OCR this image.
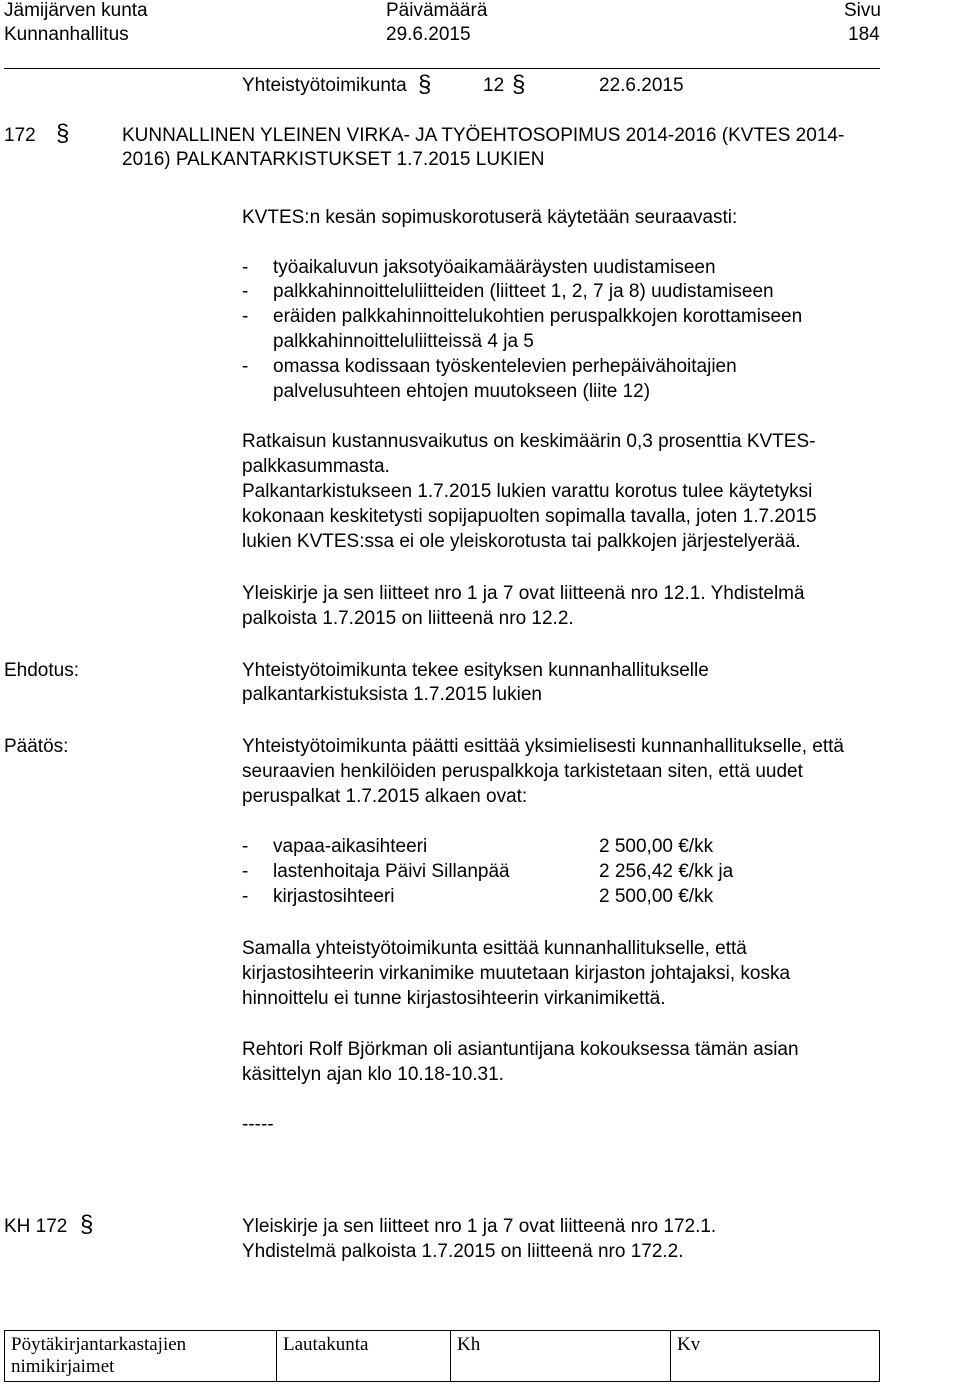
Jämijärven kunta
Kunnanhallitus
Päivämäärä
29.6.2015
Sivu
184
Yhteistyötoimikunta §	12 §	22.6.2015
172 §	KUNNALLINEN YLEINEN VIRKA- JA TYÖEHTOSOPIMUS 2014-2016 (KVTES 2014-
2016) PALKANTARKISTUKSET 1.7.2015 LUKIEN
KVTES:n kesän sopimuskorotuserä käytetään seuraavasti:
- työaikaluvun jaksotyöaikamääräysten uudistamiseen
- palkkahinnoitteluliitteiden (liitteet 1, 2, 7 ja 8) uudistamiseen
- eräiden palkkahinnoittelukohtien peruspalkkojen korottamiseen
palkkahinnoitteluliitteissä 4 ja 5
- omassa kodissaan työskentelevien perhepäivähoitajien
palvelusuhteen ehtojen muutokseen (liite 12)
Ratkaisun kustannusvaikutus on keskimäärin 0,3 prosenttia KVTES-
palkkasummasta.
Palkantarkistukseen 1.7.2015 lukien varattu korotus tulee käytetyksi
kokonaan keskitetysti sopijapuolten sopimalla tavalla, joten 1.7.2015
lukien KVTES:ssa ei ole yleiskorotusta tai palkkojen järjestelyerää.
Yleiskirje ja sen liitteet nro 1 ja 7 ovat liitteenä nro 12.1. Yhdistelmä
palkoista 1.7.2015 on liitteenä nro 12.2.
Ehdotus:	Yhteistyötoimikunta tekee esityksen kunnanhallitukselle
palkantarkistuksista 1.7.2015 lukien
Päätös:	Yhteistyötoimikunta päätti esittää yksimielisesti kunnanhallitukselle, että
seuraavien henkilöiden peruspalkkoja tarkistetaan siten, että uudet
peruspalkat 1.7.2015 alkaen ovat:
- vapaa-aikasihteeri	2 500,00 €/kk
- lastenhoitaja Päivi Sillanpää	2 256,42 €/kk ja
- kirjastosihteeri	2 500,00 €/kk
Samalla yhteistyötoimikunta esittää kunnanhallitukselle, että
kirjastosihteerin virkanimike muutetaan kirjaston johtajaksi, koska
hinnoittelu ei tunne kirjastosihteerin virkanimikettä.
Rehtori Rolf Björkman oli asiantuntijana kokouksessa tämän asian
käsittelyn ajan klo 10.18-10.31.
-----
KH 172 §	Yleiskirje ja sen liitteet nro 1 ja 7 ovat liitteenä nro 172.1.
Yhdistelmä palkoista 1.7.2015 on liitteenä nro 172.2.
Pöytäkirjantarkastajien
nimikirjaimet
Lautakunta	Kh	Kv
